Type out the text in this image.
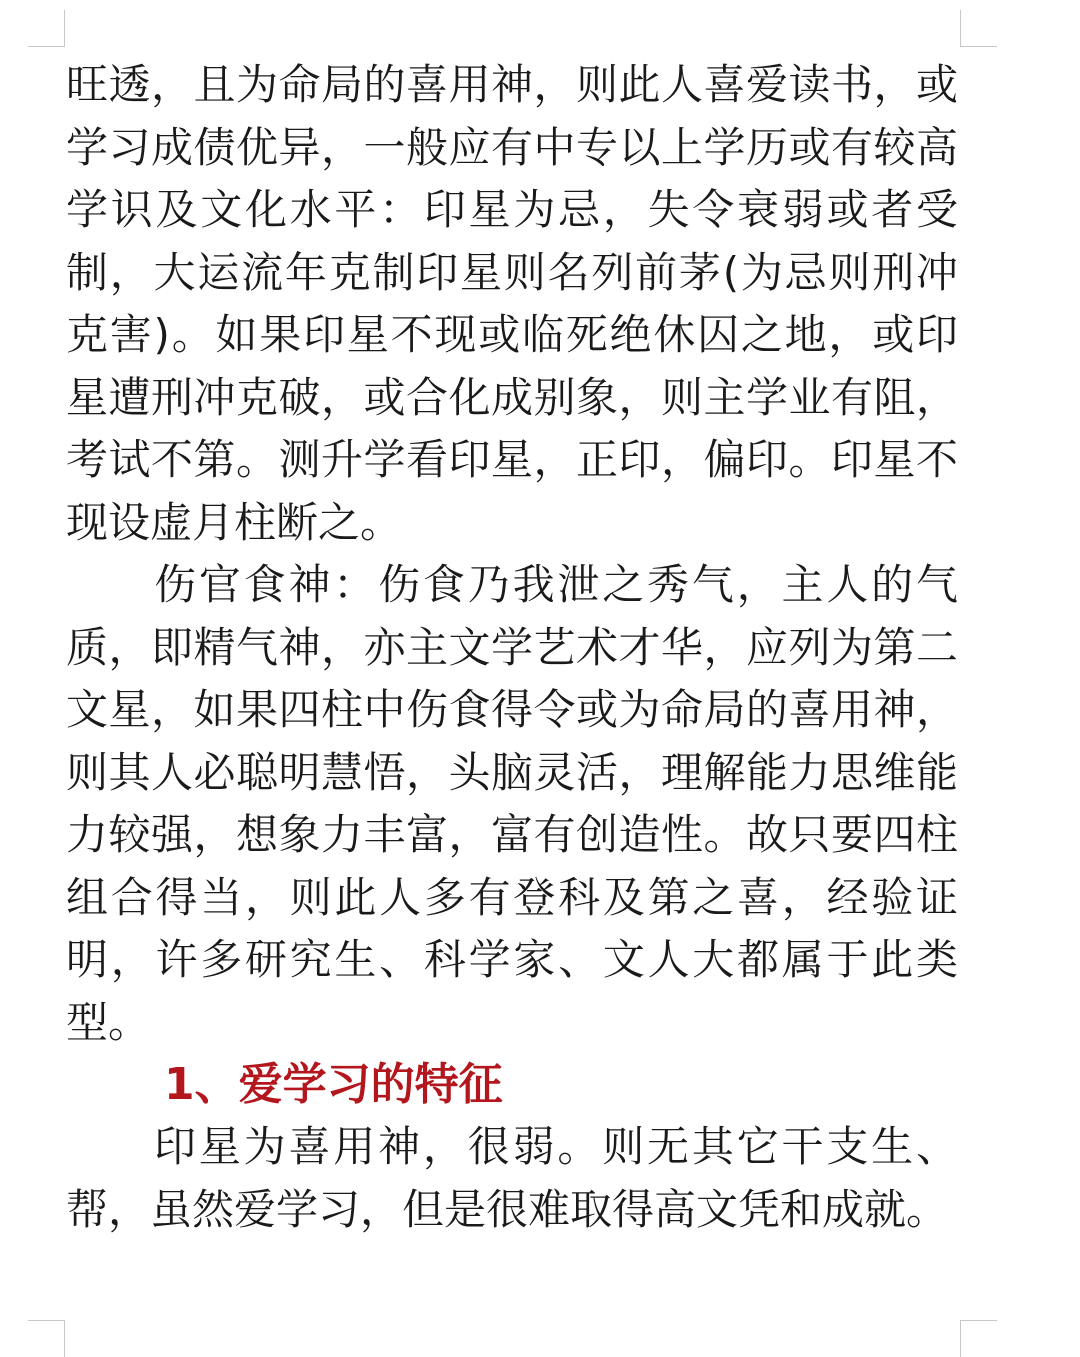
旺透，且为命局的喜用神，则此人喜爱读书，或学习成债优异，一般应有中专以上学历或有较高学识及文化水平：印星为忌，失令衰弱或者受制，大运流年克制印星则名列前茅(为忌则刑冲克害)。如果印星不现或临死绝休囚之地，或印星遭刑冲克破，或合化成别象，则主学业有阻，考试不第。测升学看印星，正印，偏印。印星不现设虚月柱断之。

伤官食神：伤食乃我泄之秀气，主人的气质，即精气神，亦主文学艺术才华，应列为第二文星，如果四柱中伤食得令或为命局的喜用神，则其人必聪明慧悟，头脑灵活，理解能力思维能力较强，想象力丰富，富有创造性。故只要四柱组合得当，则此人多有登科及第之喜，经验证明，许多研究生、科学家、文人大都属于此类型。

1、爱学习的特征

印星为喜用神，很弱。则无其它干支生、帮，虽然爱学习，但是很难取得高文凭和成就。
